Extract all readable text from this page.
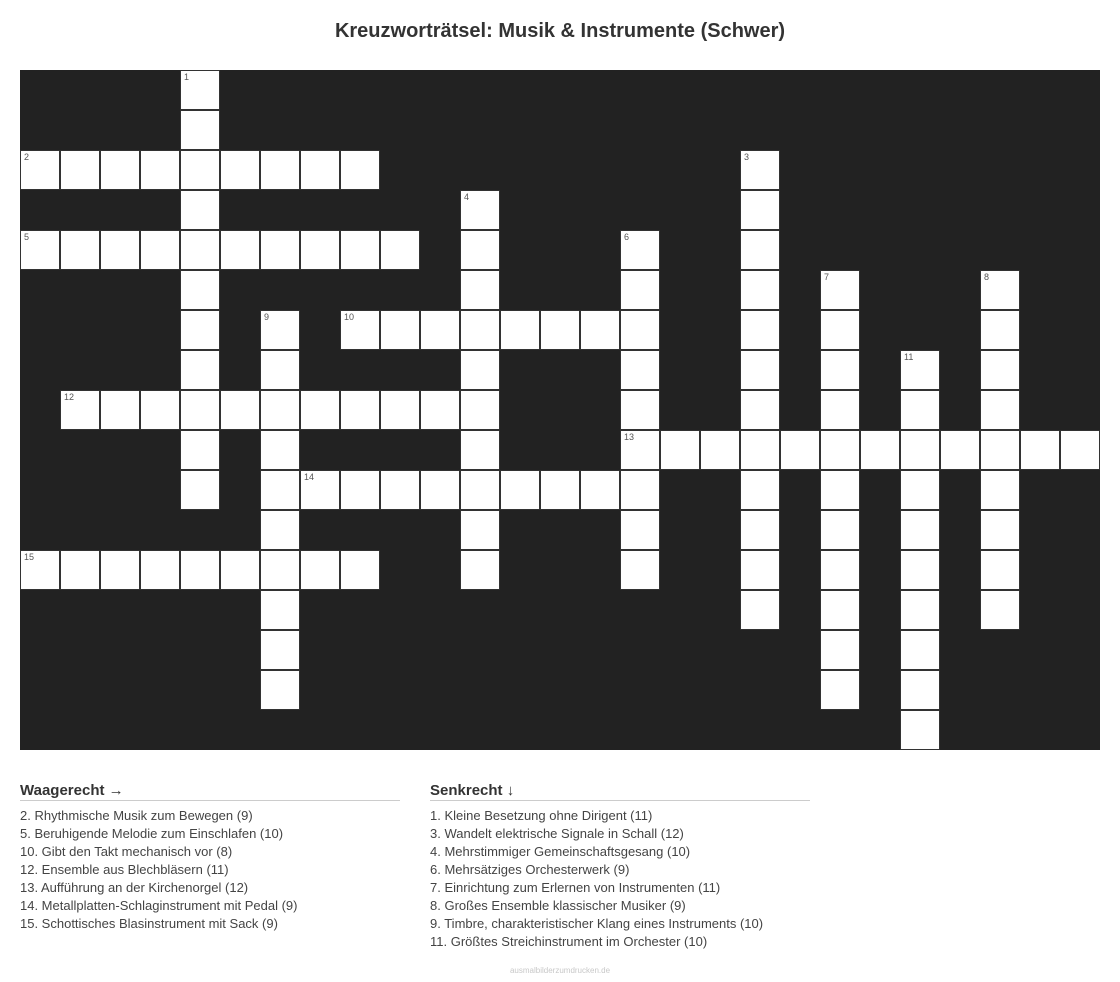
Kreuzworträtsel: Musik & Instrumente (Schwer)
2
5
10
12
13
14
15
1
3
4
6
7	8
9
11
Waagerecht →
2. Rhythmische Musik zum Bewegen (9)
5. Beruhigende Melodie zum Einschlafen (10)
10. Gibt den Takt mechanisch vor (8)
12. Ensemble aus Blechbläsern (11)
13. Aufführung an der Kirchenorgel (12)
14. Metallplatten-Schlaginstrument mit Pedal (9)
15. Schottisches Blasinstrument mit Sack (9)
Senkrecht ↓
1. Kleine Besetzung ohne Dirigent (11)
3. Wandelt elektrische Signale in Schall (12)
4. Mehrstimmiger Gemeinschaftsgesang (10)
6. Mehrsätziges Orchesterwerk (9)
7. Einrichtung zum Erlernen von Instrumenten (11)
8. Großes Ensemble klassischer Musiker (9)
9. Timbre, charakteristischer Klang eines Instruments (10)
11. Größtes Streichinstrument im Orchester (10)
ausmalbilderzumdrucken.de
